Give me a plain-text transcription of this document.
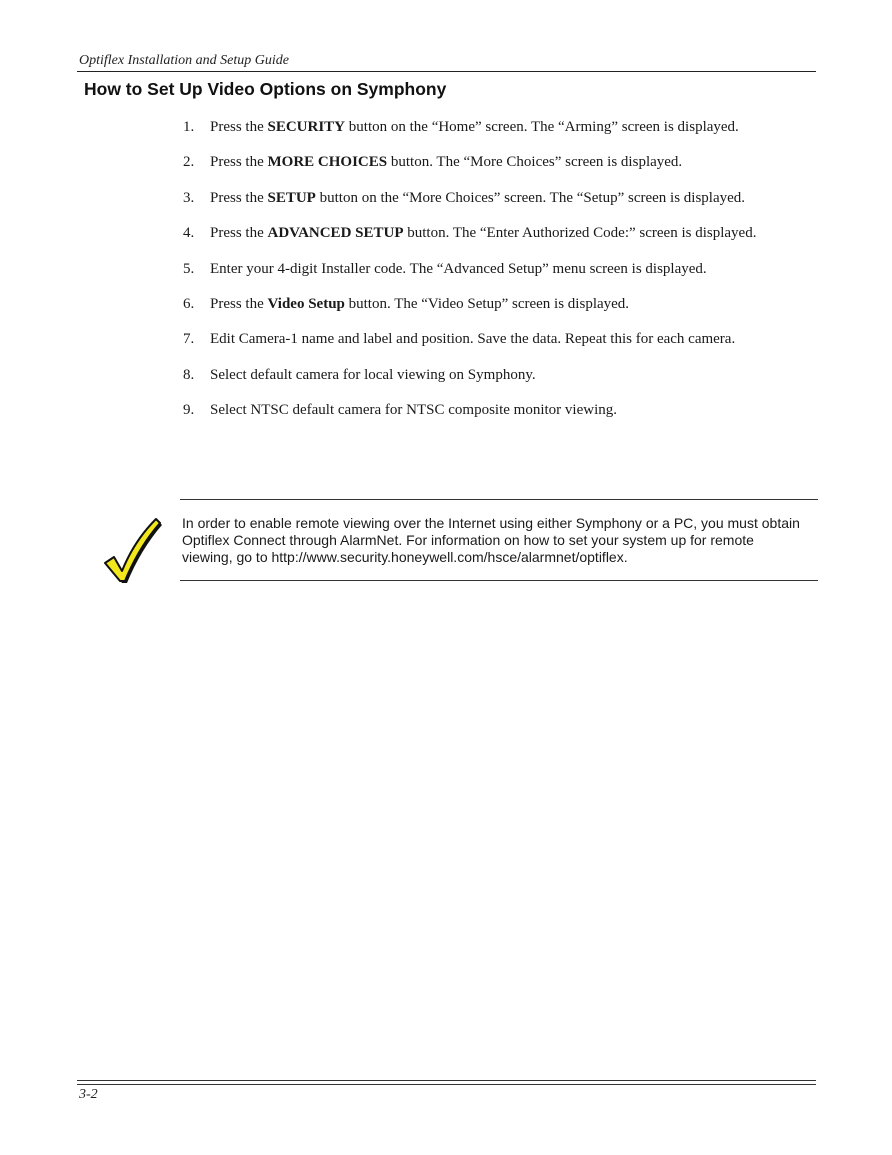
Optiflex Installation and Setup Guide
How to Set Up Video Options on Symphony
1.	Press the SECURITY button on the “Home” screen. The “Arming” screen is displayed.
2.	Press the MORE CHOICES button. The “More Choices” screen is displayed.
3.	Press the SETUP button on the “More Choices” screen. The “Setup” screen is displayed.
4.	Press the ADVANCED SETUP button. The “Enter Authorized Code:” screen is displayed.
5.	Enter your 4-digit Installer code. The “Advanced Setup” menu screen is displayed.
6.	Press the Video Setup button. The “Video Setup” screen is displayed.
7.	Edit Camera-1 name and label and position. Save the data. Repeat this for each camera.
8.	Select default camera for local viewing on Symphony.
9.	Select NTSC default camera for NTSC composite monitor viewing.
In order to enable remote viewing over the Internet using either Symphony or a PC, you must obtain Optiflex Connect through AlarmNet. For information on how to set your system up for remote viewing, go to http://www.security.honeywell.com/hsce/alarmnet/optiflex.
3-2
